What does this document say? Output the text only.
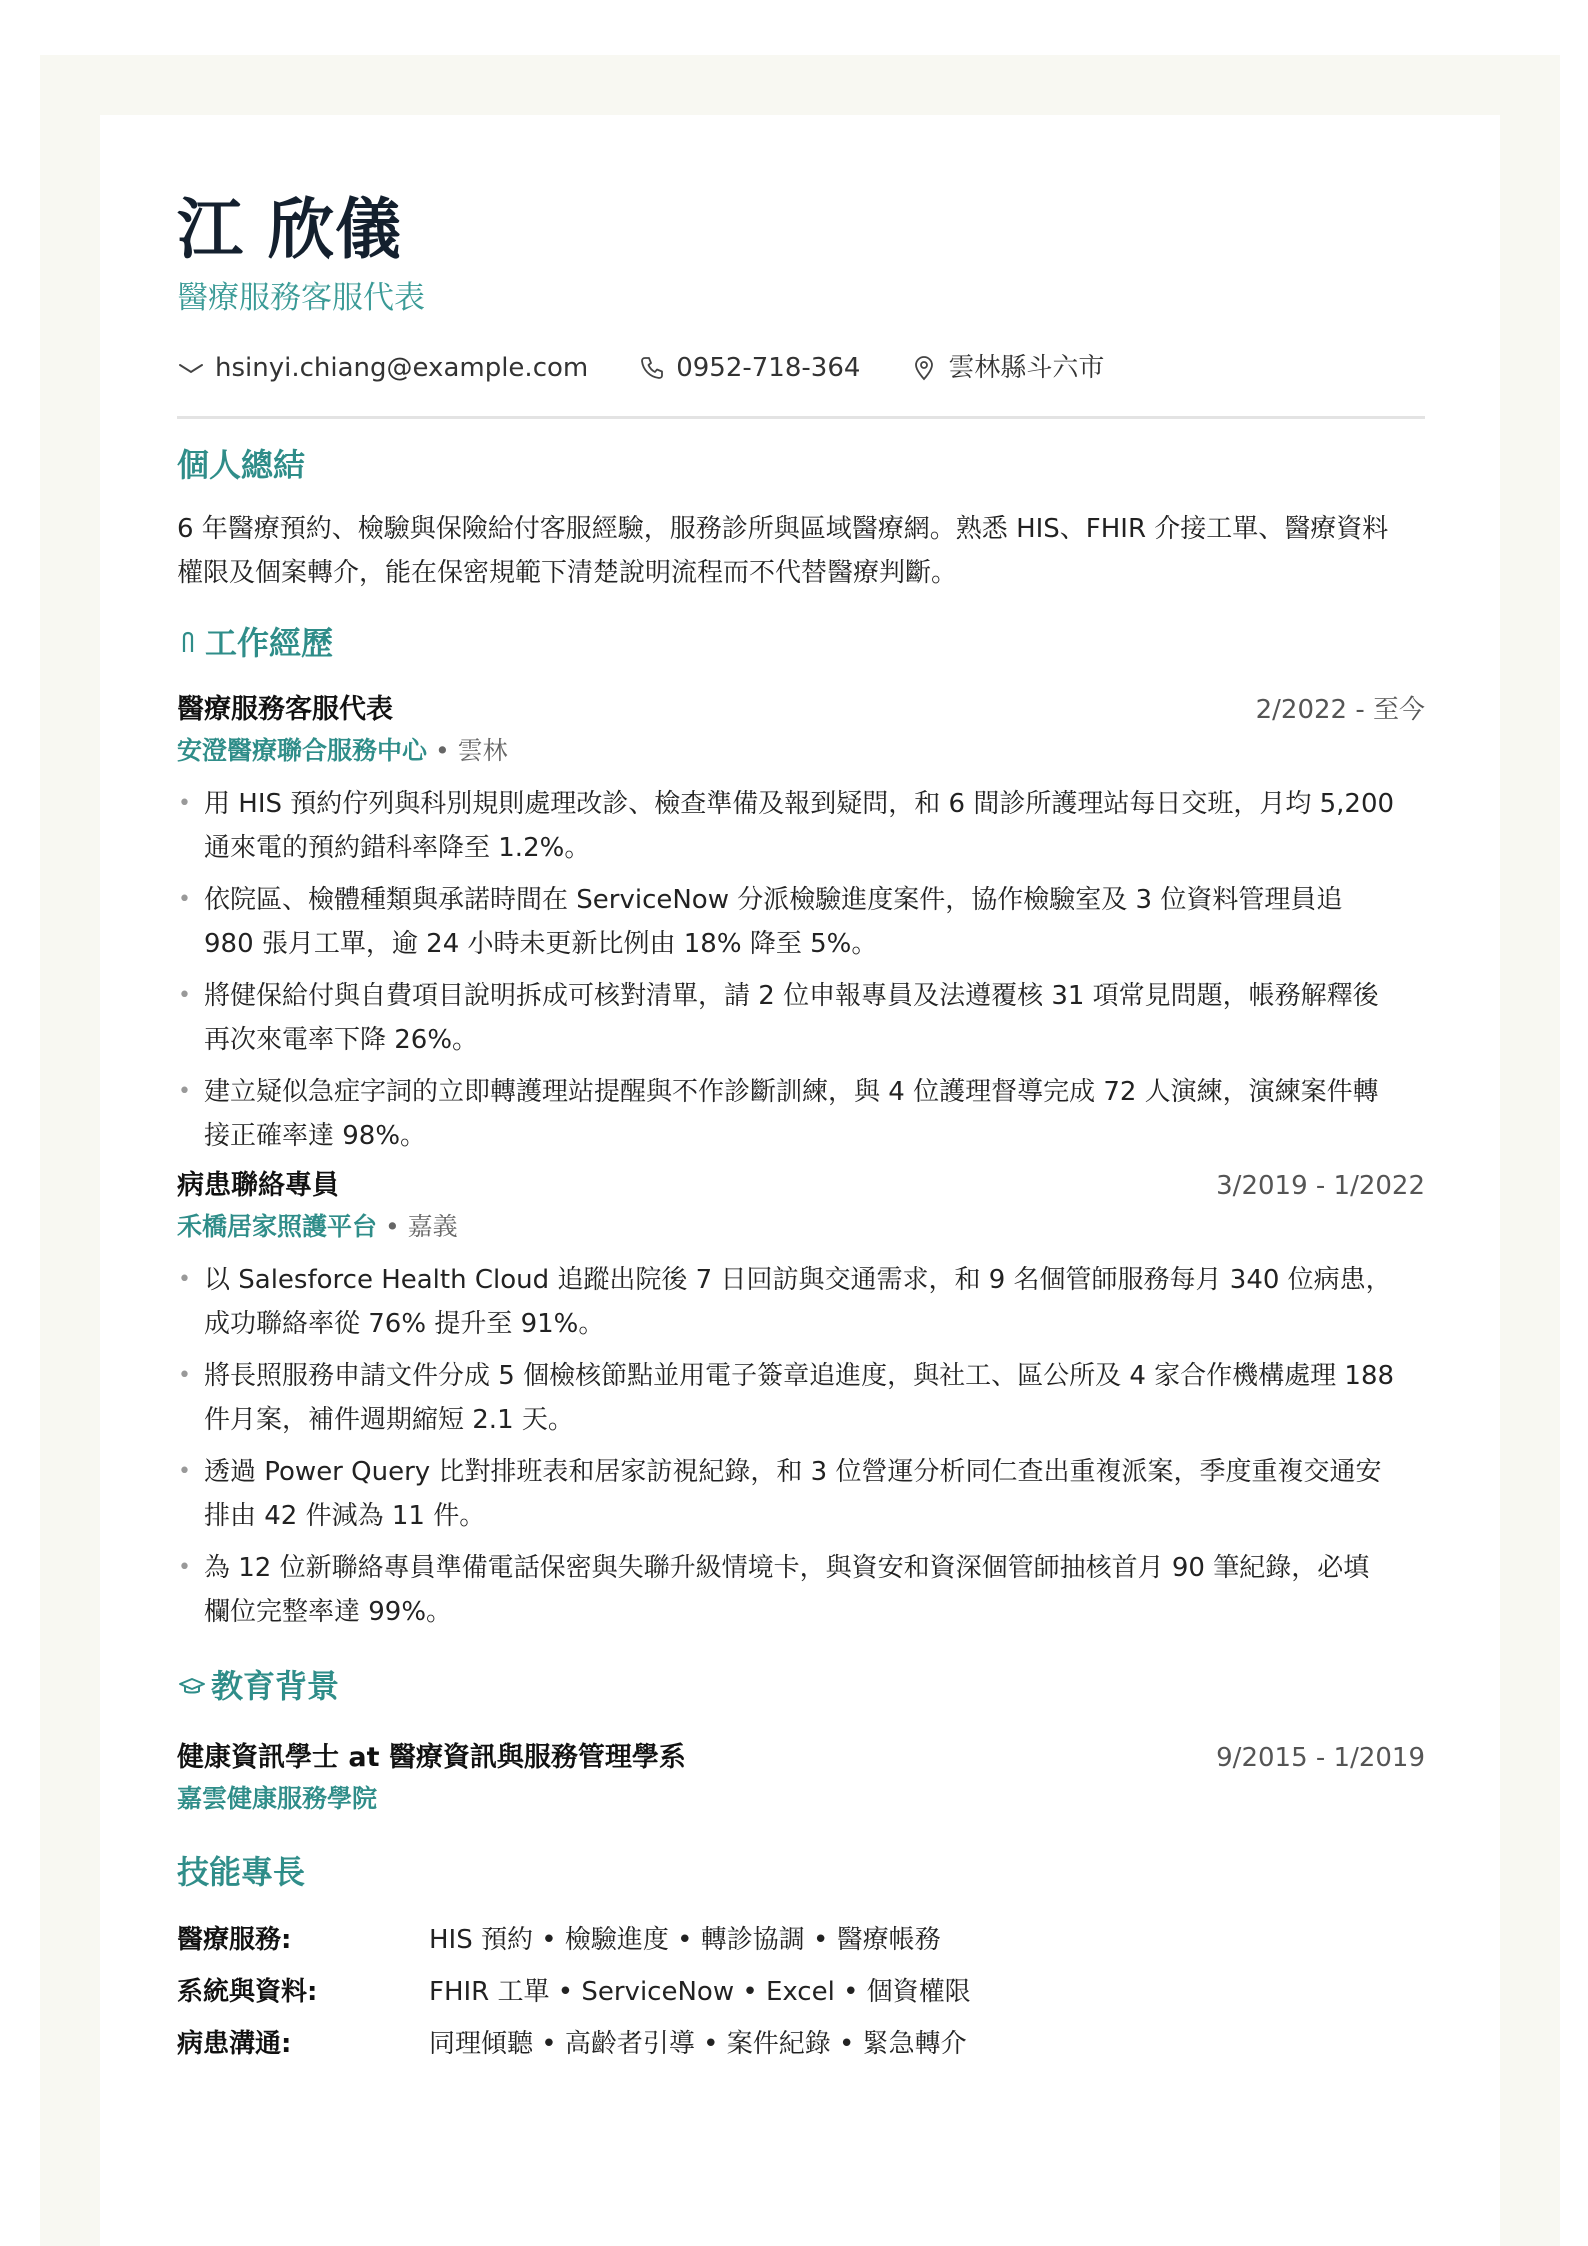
江 欣儀
醫療服務客服代表
hsinyi.chiang@example.com	0952-718-364	雲林縣斗六市
個人總結
6 年醫療預約、檢驗與保險給付客服經驗，服務診所與區域醫療網。熟悉 HIS、FHIR 介接工單、醫療資料
權限及個案轉介，能在保密規範下清楚說明流程而不代替醫療判斷。
工作經歷
醫療服務客服代表	2/2022 - 至今
安澄醫療聯合服務中心 • 雲林
• 用 HIS 預約佇列與科別規則處理改診、檢查準備及報到疑問，和 6 間診所護理站每日交班，月均 5,200
通來電的預約錯科率降至 1.2%。
• 依院區、檢體種類與承諾時間在 ServiceNow 分派檢驗進度案件，協作檢驗室及 3 位資料管理員追
980 張月工單，逾 24 小時未更新比例由 18% 降至 5%。
• 將健保給付與自費項目說明拆成可核對清單，請 2 位申報專員及法遵覆核 31 項常見問題，帳務解釋後
再次來電率下降 26%。
• 建立疑似急症字詞的立即轉護理站提醒與不作診斷訓練，與 4 位護理督導完成 72 人演練，演練案件轉
接正確率達 98%。
病患聯絡專員	3/2019 - 1/2022
禾橋居家照護平台 • 嘉義
• 以 Salesforce Health Cloud 追蹤出院後 7 日回訪與交通需求，和 9 名個管師服務每月 340 位病患，
成功聯絡率從 76% 提升至 91%。
• 將長照服務申請文件分成 5 個檢核節點並用電子簽章追進度，與社工、區公所及 4 家合作機構處理 188
件月案，補件週期縮短 2.1 天。
• 透過 Power Query 比對排班表和居家訪視紀錄，和 3 位營運分析同仁查出重複派案，季度重複交通安
排由 42 件減為 11 件。
• 為 12 位新聯絡專員準備電話保密與失聯升級情境卡，與資安和資深個管師抽核首月 90 筆紀錄，必填
欄位完整率達 99%。
教育背景
健康資訊學士 at 醫療資訊與服務管理學系	9/2015 - 1/2019
嘉雲健康服務學院
技能專長
醫療服務:	HIS 預約 • 檢驗進度 • 轉診協調 • 醫療帳務
系統與資料:	FHIR 工單 • ServiceNow • Excel • 個資權限
病患溝通:	同理傾聽 • 高齡者引導 • 案件紀錄 • 緊急轉介
